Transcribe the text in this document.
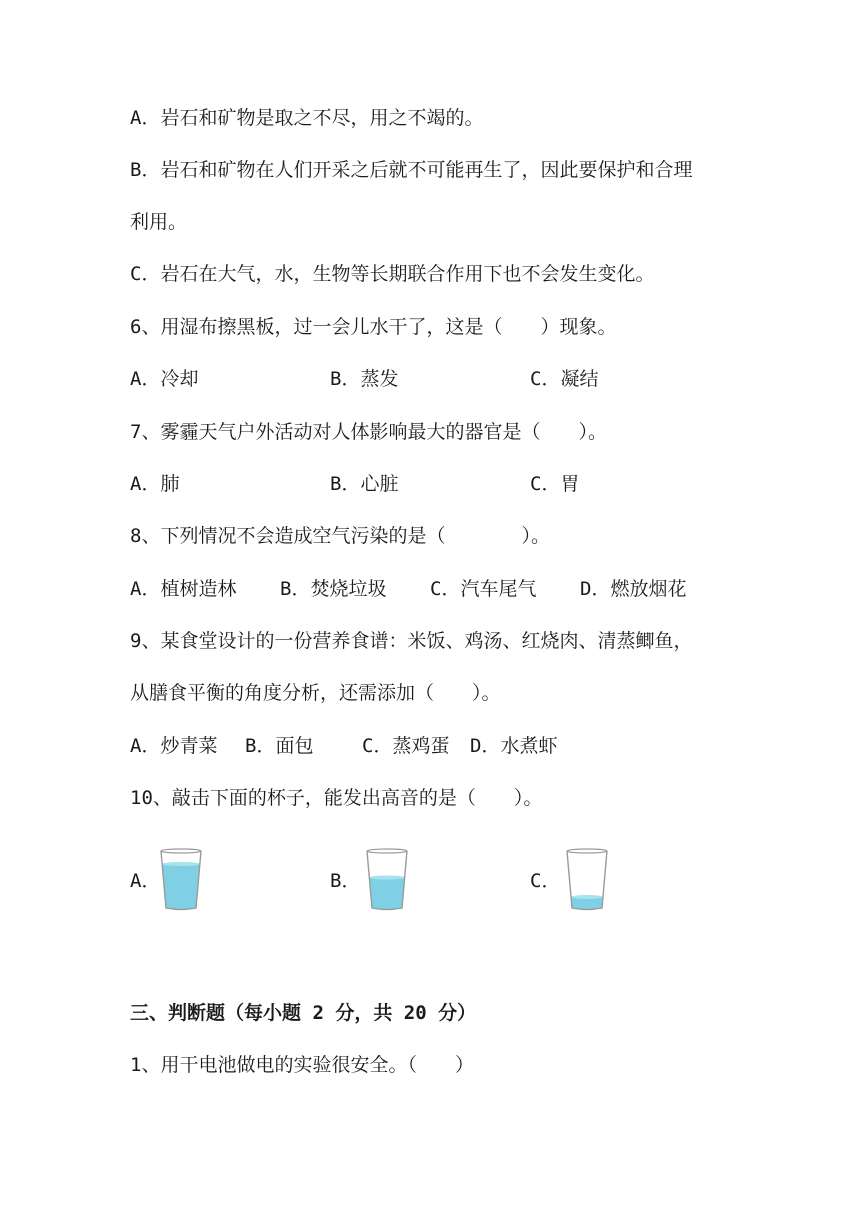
A．岩石和矿物是取之不尽，用之不竭的。
B．岩石和矿物在人们开采之后就不可能再生了，因此要保护和合理
利用。
C．岩石在大气，水，生物等长期联合作用下也不会发生变化。
6、用湿布擦黑板，过一会儿水干了，这是（　　）现象。
A．冷却	B．蒸发	C．凝结
7、雾霾天气户外活动对人体影响最大的器官是（　　）。
A．肺	B．心脏	C．胃
8、下列情况不会造成空气污染的是（　　　　）。
A．植树造林 B．焚烧垃圾 C．汽车尾气 D．燃放烟花
9、某食堂设计的一份营养食谱：米饭、鸡汤、红烧肉、清蒸鲫鱼，
从膳食平衡的角度分析，还需添加（　　）。
A．炒青菜 B．面包	C．蒸鸡蛋 D．水煮虾
10、敲击下面的杯子，能发出高音的是（　　）。
A．	B．	C．
三、判断题（每小题 2 分，共 20 分）
1、用干电池做电的实验很安全。（　　）
